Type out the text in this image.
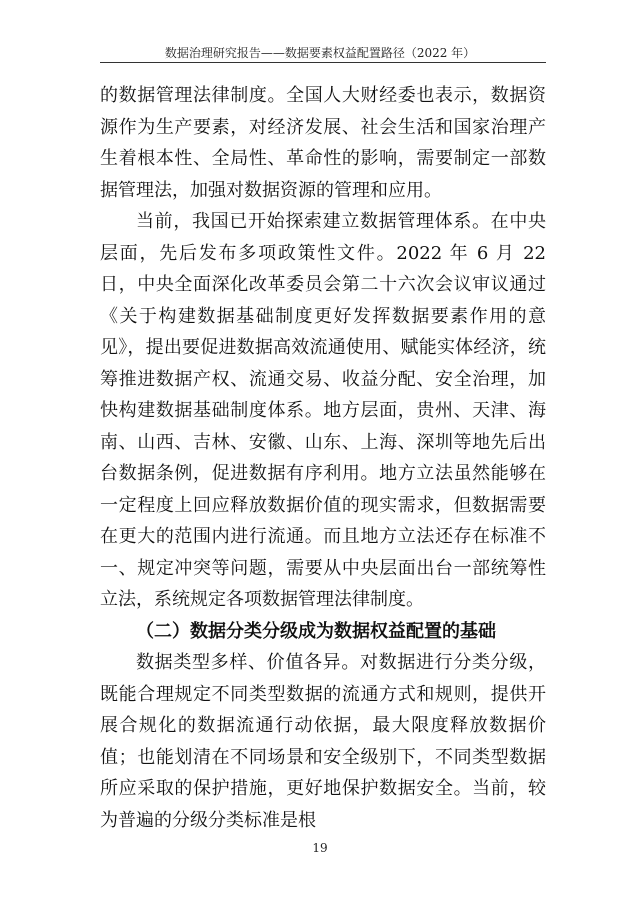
数据治理研究报告——数据要素权益配置路径（2022 年）

的数据管理法律制度。全国人大财经委也表示，数据资源作为生产要素，对经济发展、社会生活和国家治理产生着根本性、全局性、革命性的影响，需要制定一部数据管理法，加强对数据资源的管理和应用。

当前，我国已开始探索建立数据管理体系。在中央层面，先后发布多项政策性文件。2022 年 6 月 22 日，中央全面深化改革委员会第二十六次会议审议通过《关于构建数据基础制度更好发挥数据要素作用的意见》，提出要促进数据高效流通使用、赋能实体经济，统筹推进数据产权、流通交易、收益分配、安全治理，加快构建数据基础制度体系。地方层面，贵州、天津、海南、山西、吉林、安徽、山东、上海、深圳等地先后出台数据条例，促进数据有序利用。地方立法虽然能够在一定程度上回应释放数据价值的现实需求，但数据需要在更大的范围内进行流通。而且地方立法还存在标准不一、规定冲突等问题，需要从中央层面出台一部统筹性立法，系统规定各项数据管理法律制度。

（二）数据分类分级成为数据权益配置的基础

数据类型多样、价值各异。对数据进行分类分级，既能合理规定不同类型数据的流通方式和规则，提供开展合规化的数据流通行动依据，最大限度释放数据价值；也能划清在不同场景和安全级别下，不同类型数据所应采取的保护措施，更好地保护数据安全。当前，较为普遍的分级分类标准是根

19
